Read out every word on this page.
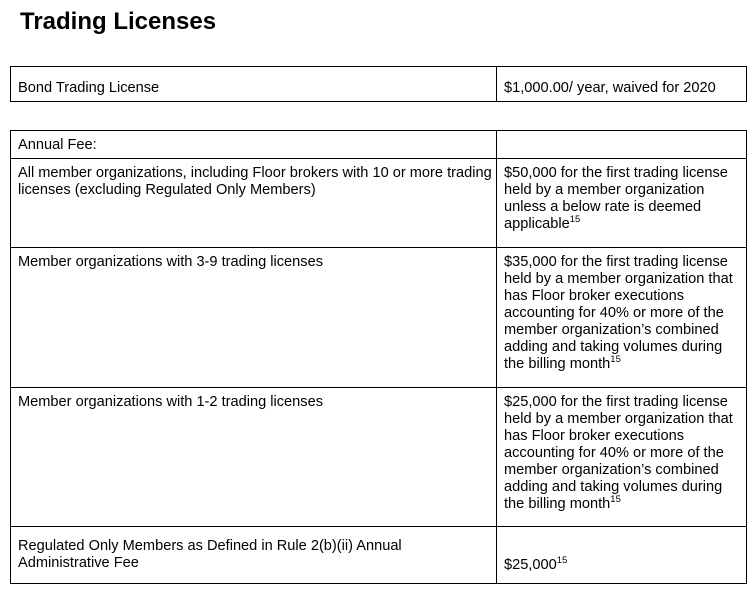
Trading Licenses
Bond Trading License	$1,000.00/ year, waived for 2020
Annual Fee:	
All member organizations, including Floor brokers with 10 or more trading licenses (excluding Regulated Only Members)	$50,000 for the first trading license held by a member organization unless a below rate is deemed applicable$^{15}$
Member organizations with 3-9 trading licenses	$35,000 for the first trading license held by a member organization that has Floor broker executions accounting for 40% or more of the member organization’s combined adding and taking volumes during the billing month$^{15}$
Member organizations with 1-2 trading licenses	$25,000 for the first trading license held by a member organization that has Floor broker executions accounting for 40% or more of the member organization’s combined adding and taking volumes during the billing month$^{15}$
Regulated Only Members as Defined in Rule 2(b)(ii) Annual Administrative Fee	$25,000$^{15}$
